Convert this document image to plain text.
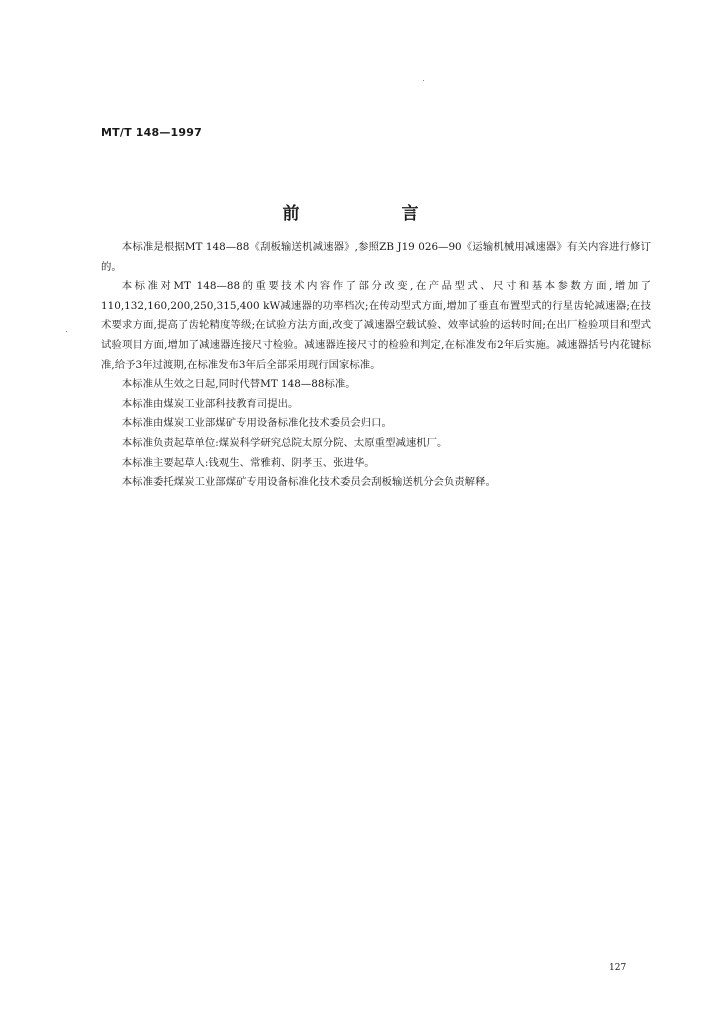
MT/T 148—1997
前 言

本标准是根据MT 148—88《刮板输送机减速器》,参照ZB J19 026—90《运输机械用减速器》有关内容进行修订的。

本标准对MT 148—88的重要技术内容作了部分改变,在产品型式、尺寸和基本参数方面,增加了110,132,160,200,250,315,400 kW减速器的功率档次;在传动型式方面,增加了垂直布置型式的行星齿轮减速器;在技术要求方面,提高了齿轮精度等级;在试验方法方面,改变了减速器空载试验、效率试验的运转时间;在出厂检验项目和型式试验项目方面,增加了减速器连接尺寸检验。减速器连接尺寸的检验和判定,在标准发布2年后实施。减速器括号内花键标准,给予3年过渡期,在标准发布3年后全部采用现行国家标准。

本标准从生效之日起,同时代替MT 148—88标准。

本标准由煤炭工业部科技教育司提出。

本标准由煤炭工业部煤矿专用设备标准化技术委员会归口。

本标准负责起草单位:煤炭科学研究总院太原分院、太原重型减速机厂。

本标准主要起草人:钱观生、常雅莉、阴孝玉、张进华。

本标准委托煤炭工业部煤矿专用设备标准化技术委员会刮板输送机分会负责解释。

127
